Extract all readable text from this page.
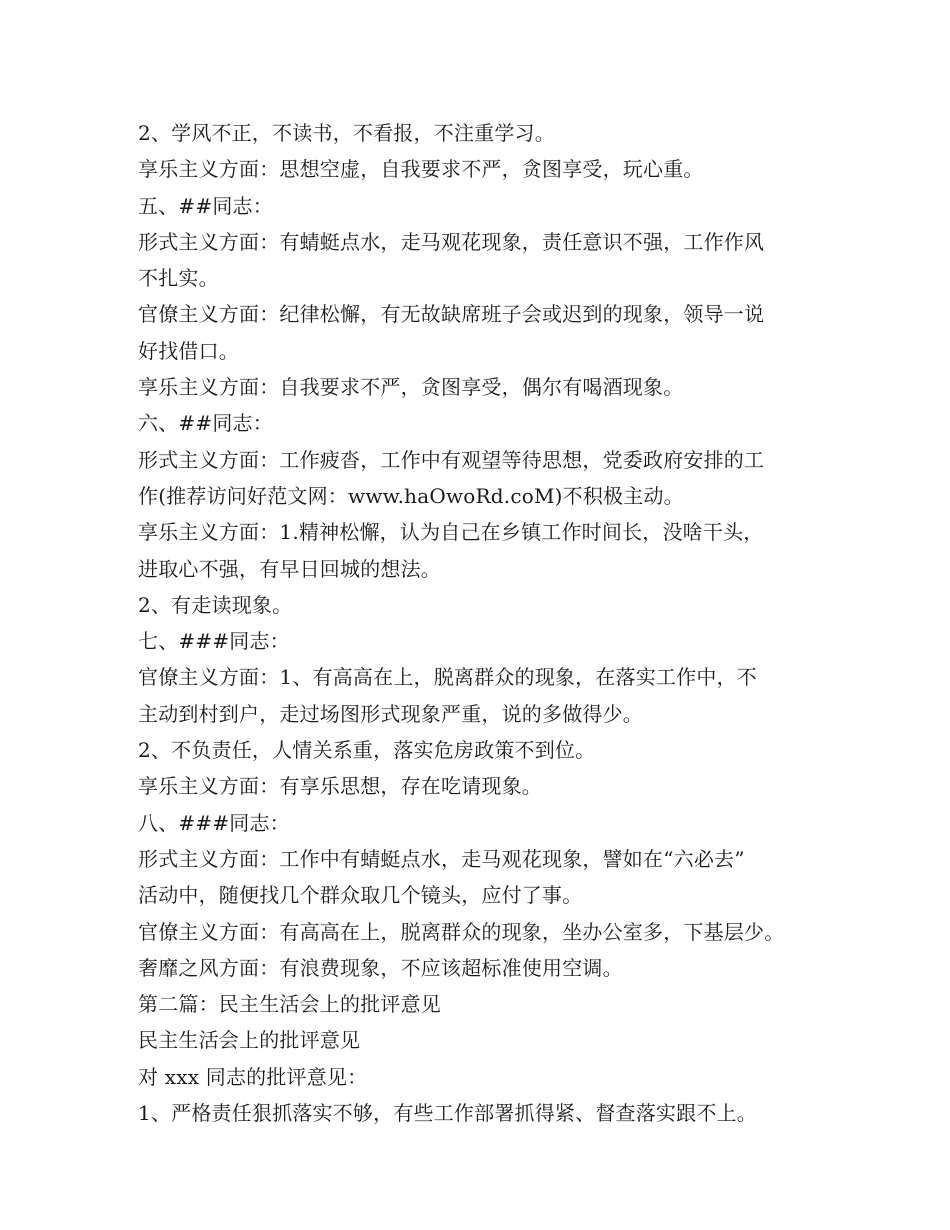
2、学风不正，不读书，不看报，不注重学习。
享乐主义方面：思想空虚，自我要求不严，贪图享受，玩心重。
五、##同志：
形式主义方面：有蜻蜓点水，走马观花现象，责任意识不强，工作作风
不扎实。
官僚主义方面：纪律松懈，有无故缺席班子会或迟到的现象，领导一说
好找借口。
享乐主义方面：自我要求不严，贪图享受，偶尔有喝酒现象。
六、##同志：
形式主义方面：工作疲沓，工作中有观望等待思想，党委政府安排的工
作(推荐访问好范文网：www.haOwoRd.coM)不积极主动。
享乐主义方面：1.精神松懈，认为自己在乡镇工作时间长，没啥干头，
进取心不强，有早日回城的想法。
2、有走读现象。
七、###同志：
官僚主义方面：1、有高高在上，脱离群众的现象，在落实工作中，不
主动到村到户，走过场图形式现象严重，说的多做得少。
2、不负责任，人情关系重，落实危房政策不到位。
享乐主义方面：有享乐思想，存在吃请现象。
八、###同志：
形式主义方面：工作中有蜻蜓点水，走马观花现象，譬如在“六必去”
活动中，随便找几个群众取几个镜头，应付了事。
官僚主义方面：有高高在上，脱离群众的现象，坐办公室多，下基层少。
奢靡之风方面：有浪费现象，不应该超标准使用空调。
第二篇：民主生活会上的批评意见
民主生活会上的批评意见
对 xxx 同志的批评意见：
1、严格责任狠抓落实不够，有些工作部署抓得紧、督查落实跟不上。
